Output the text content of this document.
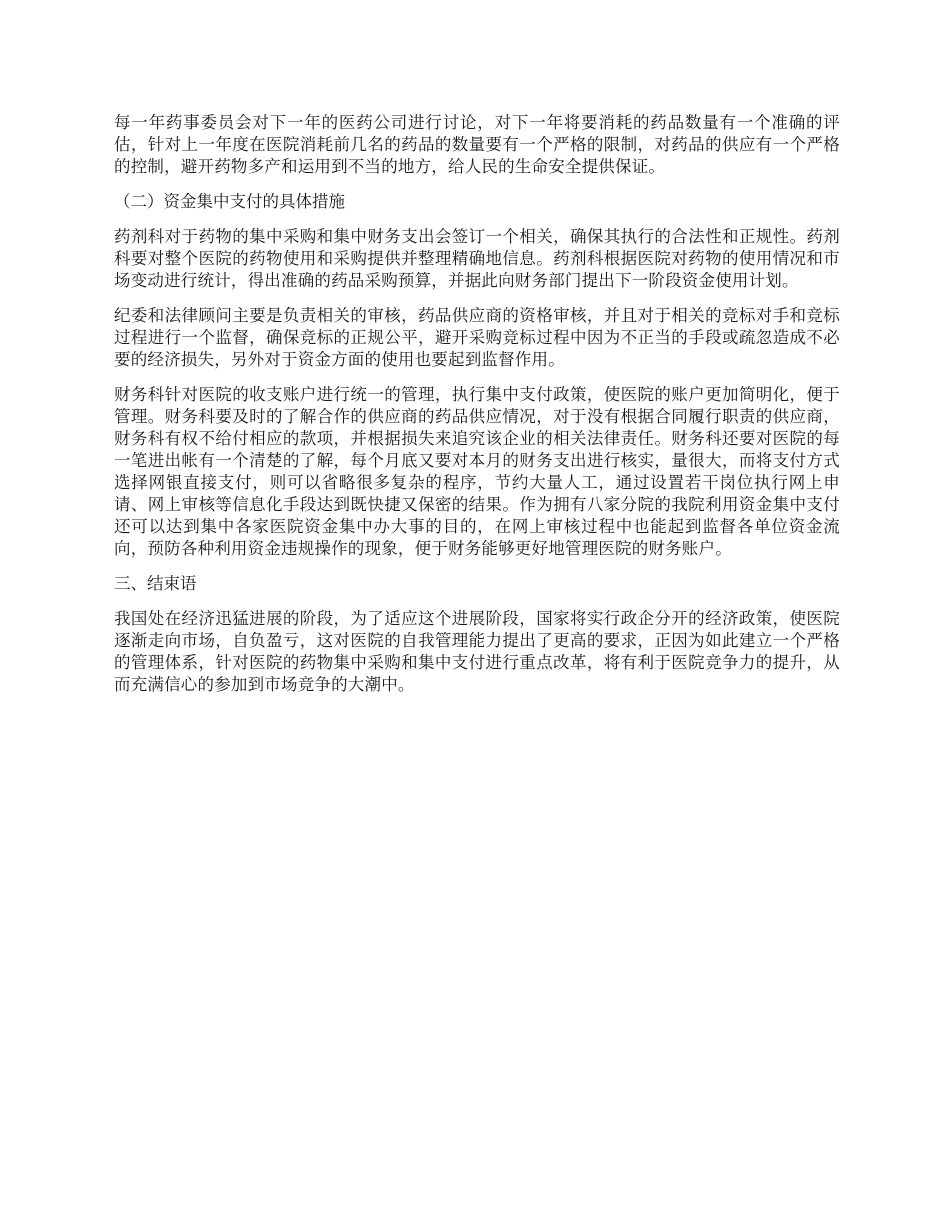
每一年药事委员会对下一年的医药公司进行讨论，对下一年将要消耗的药品数量有一个准确的评估，针对上一年度在医院消耗前几名的药品的数量要有一个严格的限制，对药品的供应有一个严格的控制，避开药物多产和运用到不当的地方，给人民的生命安全提供保证。

（二）资金集中支付的具体措施

药剂科对于药物的集中采购和集中财务支出会签订一个相关，确保其执行的合法性和正规性。药剂科要对整个医院的药物使用和采购提供并整理精确地信息。药剂科根据医院对药物的使用情况和市场变动进行统计，得出准确的药品采购预算，并据此向财务部门提出下一阶段资金使用计划。

纪委和法律顾问主要是负责相关的审核，药品供应商的资格审核，并且对于相关的竞标对手和竞标过程进行一个监督，确保竞标的正规公平，避开采购竞标过程中因为不正当的手段或疏忽造成不必要的经济损失，另外对于资金方面的使用也要起到监督作用。

财务科针对医院的收支账户进行统一的管理，执行集中支付政策，使医院的账户更加简明化，便于管理。财务科要及时的了解合作的供应商的药品供应情况，对于没有根据合同履行职责的供应商，财务科有权不给付相应的款项，并根据损失来追究该企业的相关法律责任。财务科还要对医院的每一笔进出帐有一个清楚的了解，每个月底又要对本月的财务支出进行核实，量很大，而将支付方式选择网银直接支付，则可以省略很多复杂的程序，节约大量人工，通过设置若干岗位执行网上申请、网上审核等信息化手段达到既快捷又保密的结果。作为拥有八家分院的我院利用资金集中支付还可以达到集中各家医院资金集中办大事的目的，在网上审核过程中也能起到监督各单位资金流向，预防各种利用资金违规操作的现象，便于财务能够更好地管理医院的财务账户。

三、结束语

我国处在经济迅猛进展的阶段，为了适应这个进展阶段，国家将实行政企分开的经济政策，使医院逐渐走向市场，自负盈亏，这对医院的自我管理能力提出了更高的要求，正因为如此建立一个严格的管理体系，针对医院的药物集中采购和集中支付进行重点改革，将有利于医院竞争力的提升，从而充满信心的参加到市场竞争的大潮中。
